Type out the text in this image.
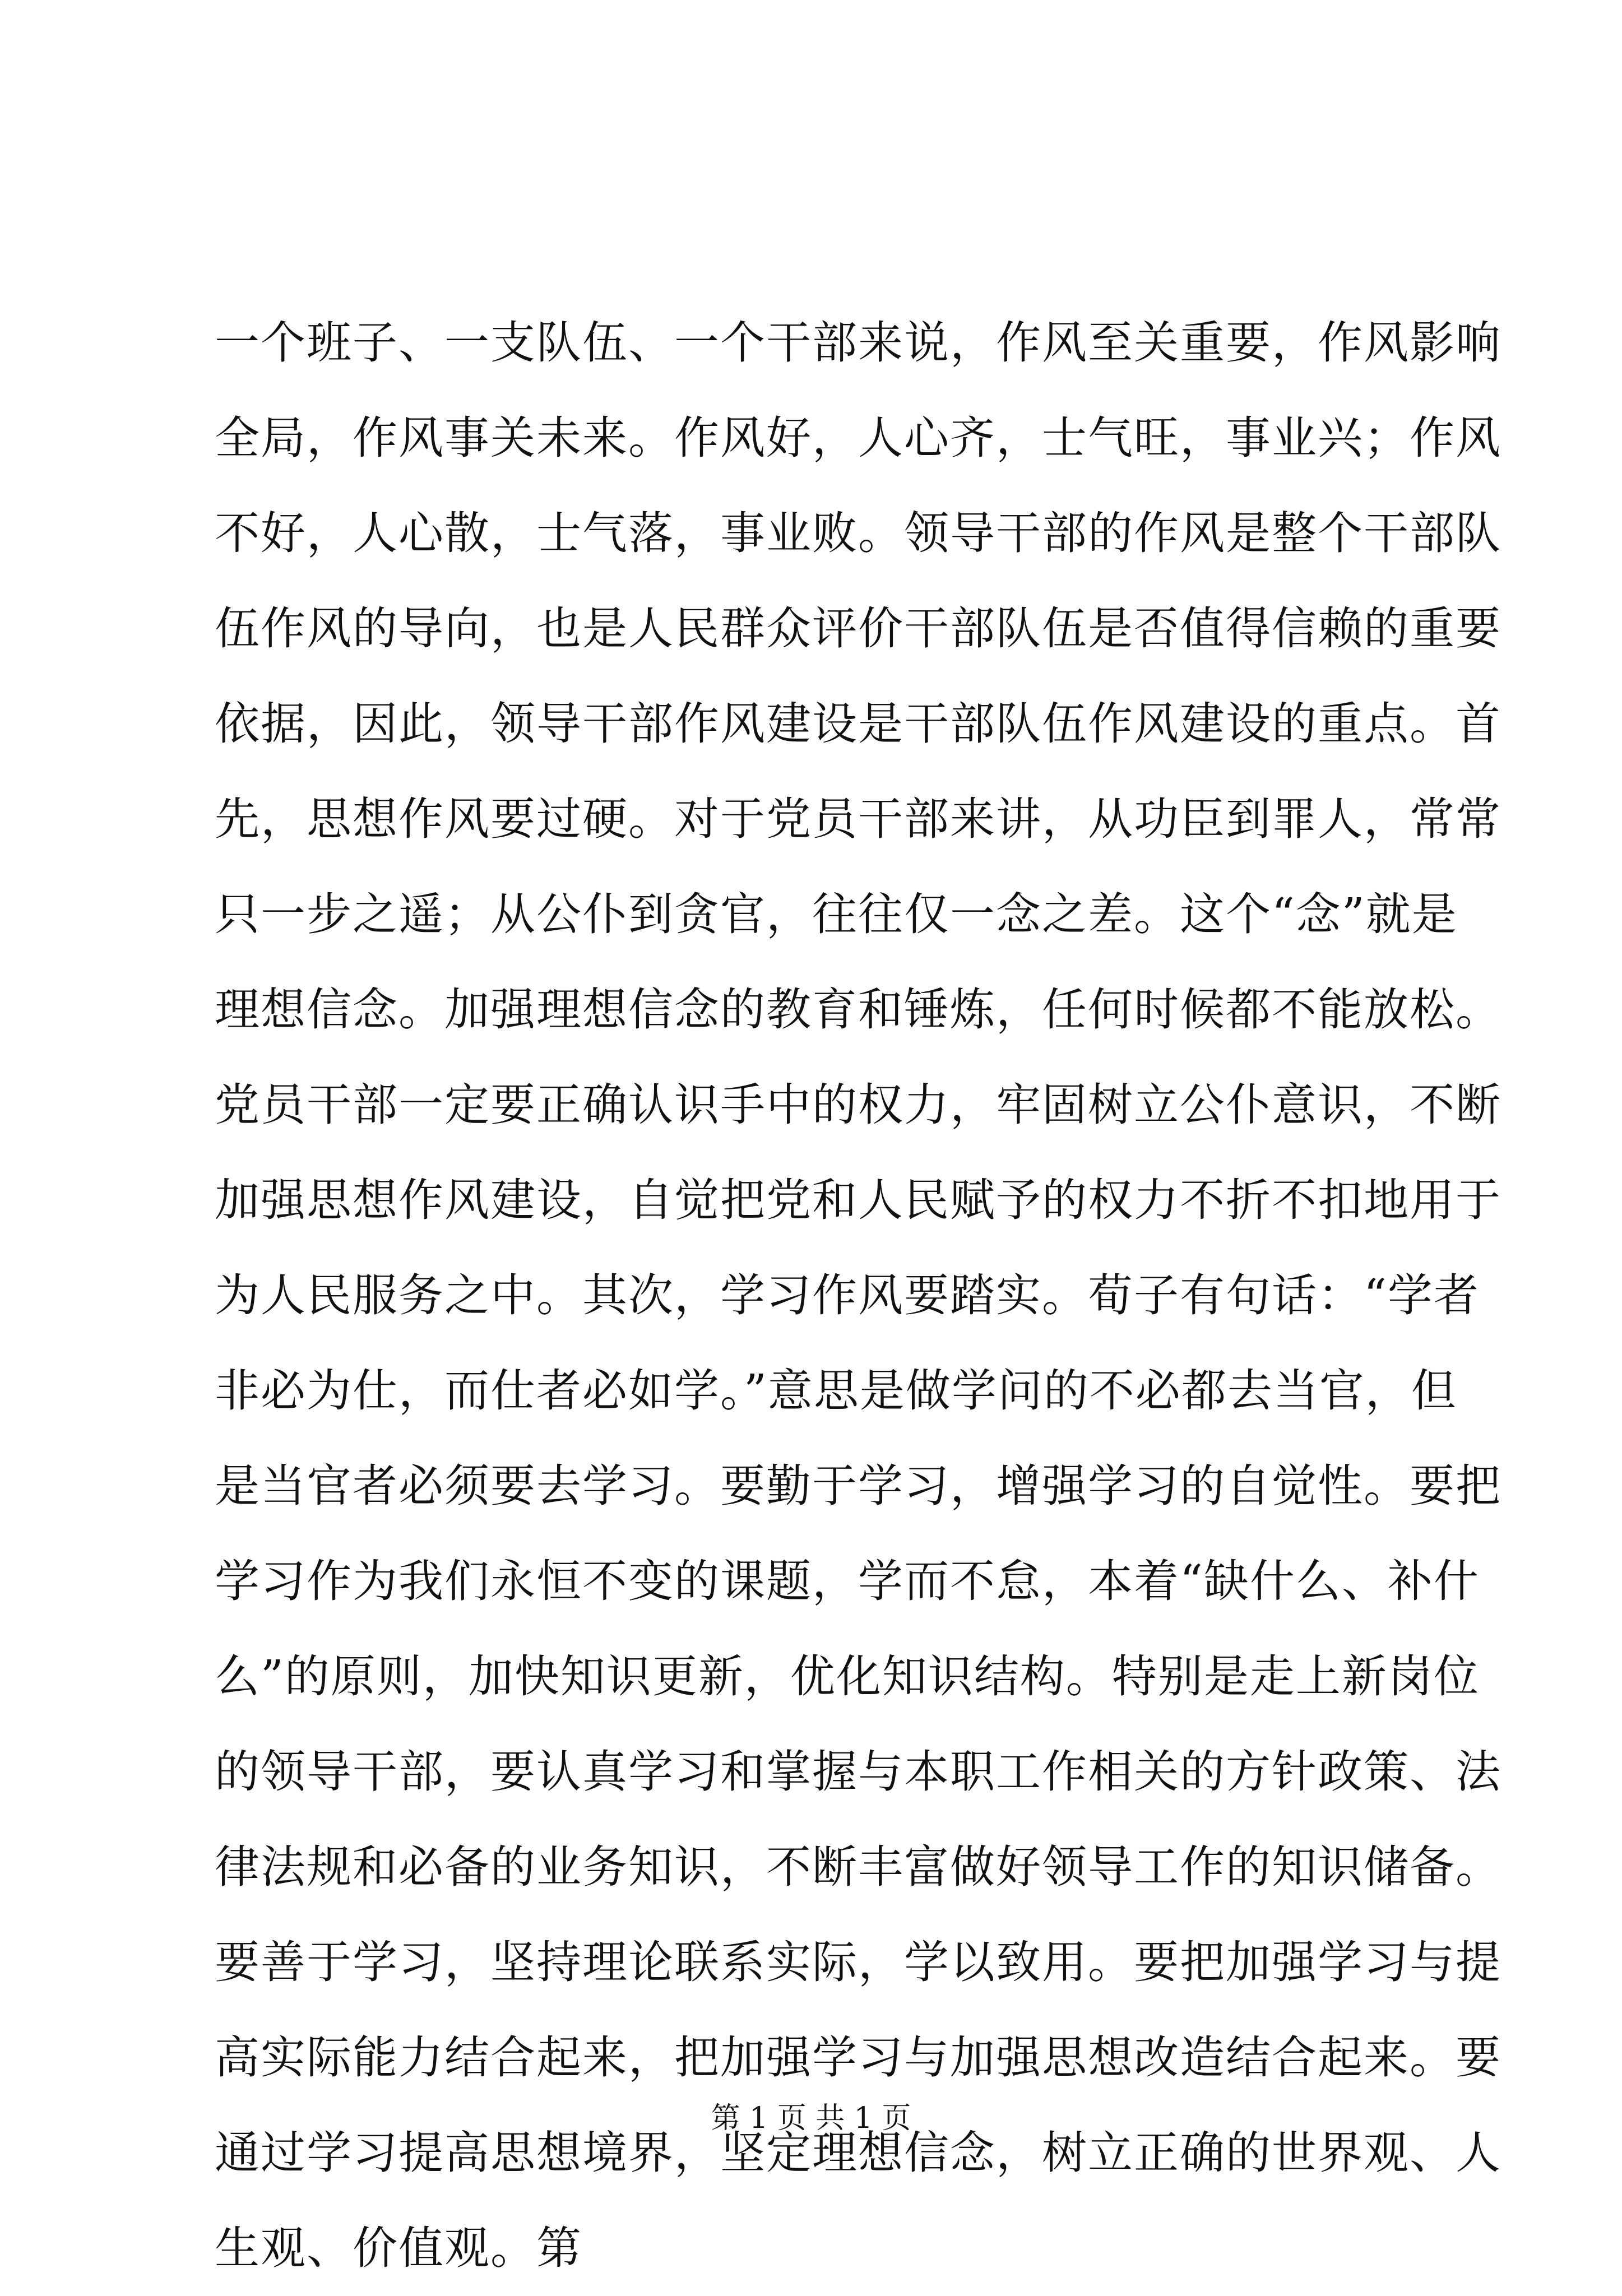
一个班子、一支队伍、一个干部来说，作风至关重要，作风影响
全局，作风事关未来。作风好，人心齐，士气旺，事业兴；作风
不好，人心散，士气落，事业败。领导干部的作风是整个干部队
伍作风的导向，也是人民群众评价干部队伍是否值得信赖的重要
依据，因此，领导干部作风建设是干部队伍作风建设的重点。首
先，思想作风要过硬。对于党员干部来讲，从功臣到罪人，常常
只一步之遥；从公仆到贪官，往往仅一念之差。这个“念”就是
理想信念。加强理想信念的教育和锤炼，任何时候都不能放松。
党员干部一定要正确认识手中的权力，牢固树立公仆意识，不断
加强思想作风建设，自觉把党和人民赋予的权力不折不扣地用于
为人民服务之中。其次，学习作风要踏实。荀子有句话：“学者
非必为仕，而仕者必如学。”意思是做学问的不必都去当官，但
是当官者必须要去学习。要勤于学习，增强学习的自觉性。要把
学习作为我们永恒不变的课题，学而不怠，本着“缺什么、补什
么”的原则，加快知识更新，优化知识结构。特别是走上新岗位
的领导干部，要认真学习和掌握与本职工作相关的方针政策、法
律法规和必备的业务知识，不断丰富做好领导工作的知识储备。
要善于学习，坚持理论联系实际，学以致用。要把加强学习与提
高实际能力结合起来，把加强学习与加强思想改造结合起来。要
通过学习提高思想境界，坚定理想信念，树立正确的世界观、人
生观、价值观。第
第 1 页 共 1 页
